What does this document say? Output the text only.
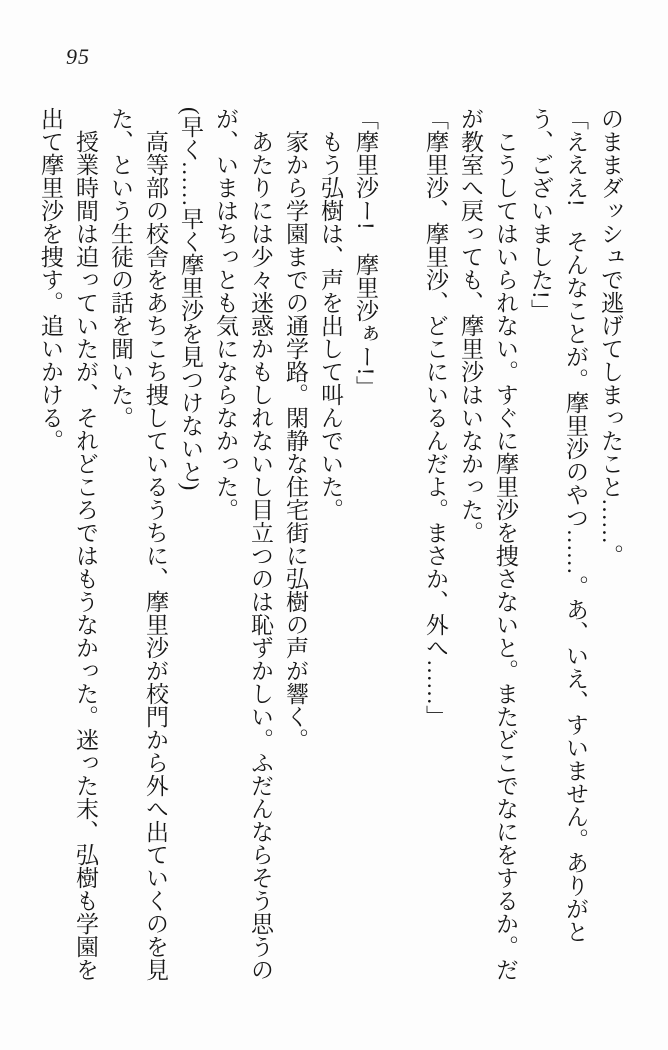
95

のままダッシュで逃げてしまったこと……。

「えええ!　そんなことが。摩里沙のやつ……。あ、いえ、すいません。ありがとう、ございました!」

こうしてはいられない。すぐに摩里沙を捜さないと。またどこでなにをするか。だが教室へ戻っても、摩里沙はいなかった。

「摩里沙、摩里沙、どこにいるんだよ。まさか、外へ……」

「摩里沙ー!　摩里沙ぁー!」

もう弘樹は、声を出して叫んでいた。

家から学園までの通学路。閑静な住宅街に弘樹の声が響く。

あたりには少々迷惑かもしれないし目立つのは恥ずかしい。ふだんならそう思うのが、いまはちっとも気にならなかった。

(早く……早く摩里沙を見つけないと)

高等部の校舎をあちこち捜しているうちに、摩里沙が校門から外へ出ていくのを見た、という生徒の話を聞いた。

授業時間は迫っていたが、それどころではもうなかった。迷った末、弘樹も学園を出て摩里沙を捜す。追いかける。
